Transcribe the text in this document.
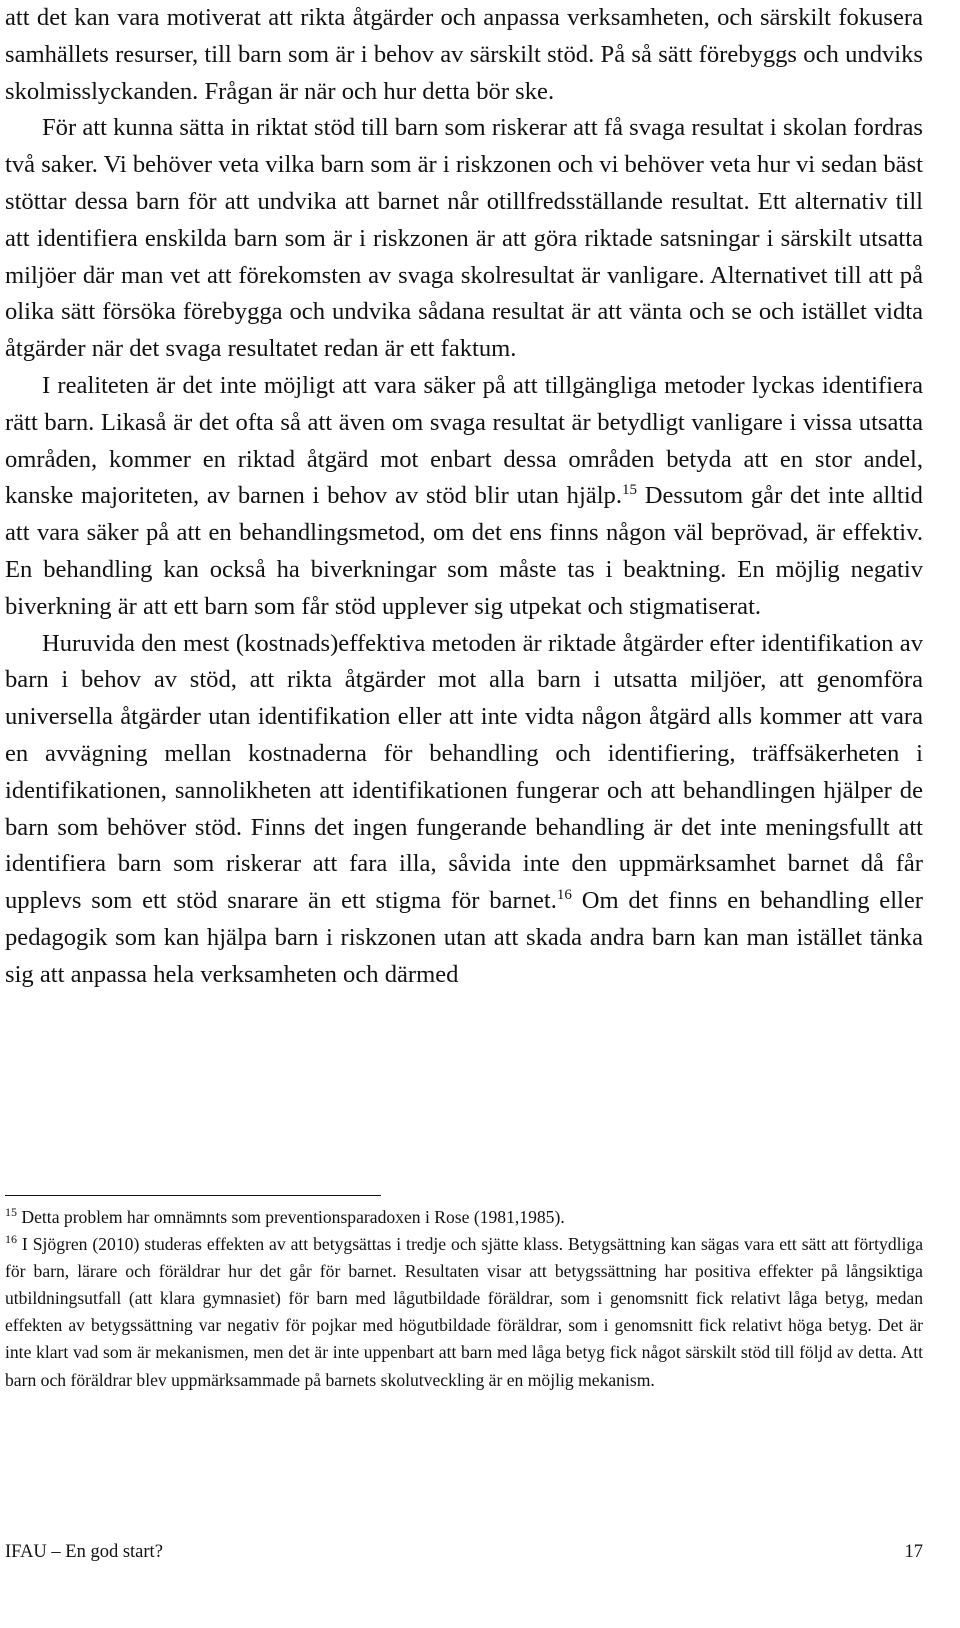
att det kan vara motiverat att rikta åtgärder och anpassa verksamheten, och särskilt fokusera samhällets resurser, till barn som är i behov av särskilt stöd. På så sätt förebyggs och undviks skolmisslyckanden. Frågan är när och hur detta bör ske.

För att kunna sätta in riktat stöd till barn som riskerar att få svaga resultat i skolan fordras två saker. Vi behöver veta vilka barn som är i riskzonen och vi behöver veta hur vi sedan bäst stöttar dessa barn för att undvika att barnet når otillfredsställande resultat. Ett alternativ till att identifiera enskilda barn som är i riskzonen är att göra riktade satsningar i särskilt utsatta miljöer där man vet att förekomsten av svaga skolresultat är vanligare. Alternativet till att på olika sätt försöka förebygga och undvika sådana resultat är att vänta och se och istället vidta åtgärder när det svaga resultatet redan är ett faktum.

I realiteten är det inte möjligt att vara säker på att tillgängliga metoder lyckas identifiera rätt barn. Likaså är det ofta så att även om svaga resultat är betydligt vanligare i vissa utsatta områden, kommer en riktad åtgärd mot enbart dessa områden betyda att en stor andel, kanske majoriteten, av barnen i behov av stöd blir utan hjälp.$^{15}$ Dessutom går det inte alltid att vara säker på att en behandlingsmetod, om det ens finns någon väl beprövad, är effektiv. En behandling kan också ha biverkningar som måste tas i beaktning. En möjlig negativ biverkning är att ett barn som får stöd upplever sig utpekat och stigmatiserat.

Huruvida den mest (kostnads)effektiva metoden är riktade åtgärder efter identifikation av barn i behov av stöd, att rikta åtgärder mot alla barn i utsatta miljöer, att genomföra universella åtgärder utan identifikation eller att inte vidta någon åtgärd alls kommer att vara en avvägning mellan kostnaderna för behandling och identifiering, träffsäkerheten i identifikationen, sannolikheten att identifikationen fungerar och att behandlingen hjälper de barn som behöver stöd. Finns det ingen fungerande behandling är det inte meningsfullt att identifiera barn som riskerar att fara illa, såvida inte den uppmärksamhet barnet då får upplevs som ett stöd snarare än ett stigma för barnet.$^{16}$ Om det finns en behandling eller pedagogik som kan hjälpa barn i riskzonen utan att skada andra barn kan man istället tänka sig att anpassa hela verksamheten och därmed

$^{15}$ Detta problem har omnämnts som preventionsparadoxen i Rose (1981,1985).

$^{16}$ I Sjögren (2010) studeras effekten av att betygsättas i tredje och sjätte klass. Betygsättning kan sägas vara ett sätt att förtydliga för barn, lärare och föräldrar hur det går för barnet. Resultaten visar att betygssättning har positiva effekter på långsiktiga utbildningsutfall (att klara gymnasiet) för barn med lågutbildade föräldrar, som i genomsnitt fick relativt låga betyg, medan effekten av betygssättning var negativ för pojkar med högutbildade föräldrar, som i genomsnitt fick relativt höga betyg. Det är inte klart vad som är mekanismen, men det är inte uppenbart att barn med låga betyg fick något särskilt stöd till följd av detta. Att barn och föräldrar blev uppmärksammade på barnets skolutveckling är en möjlig mekanism.

IFAU – En god start?	17
